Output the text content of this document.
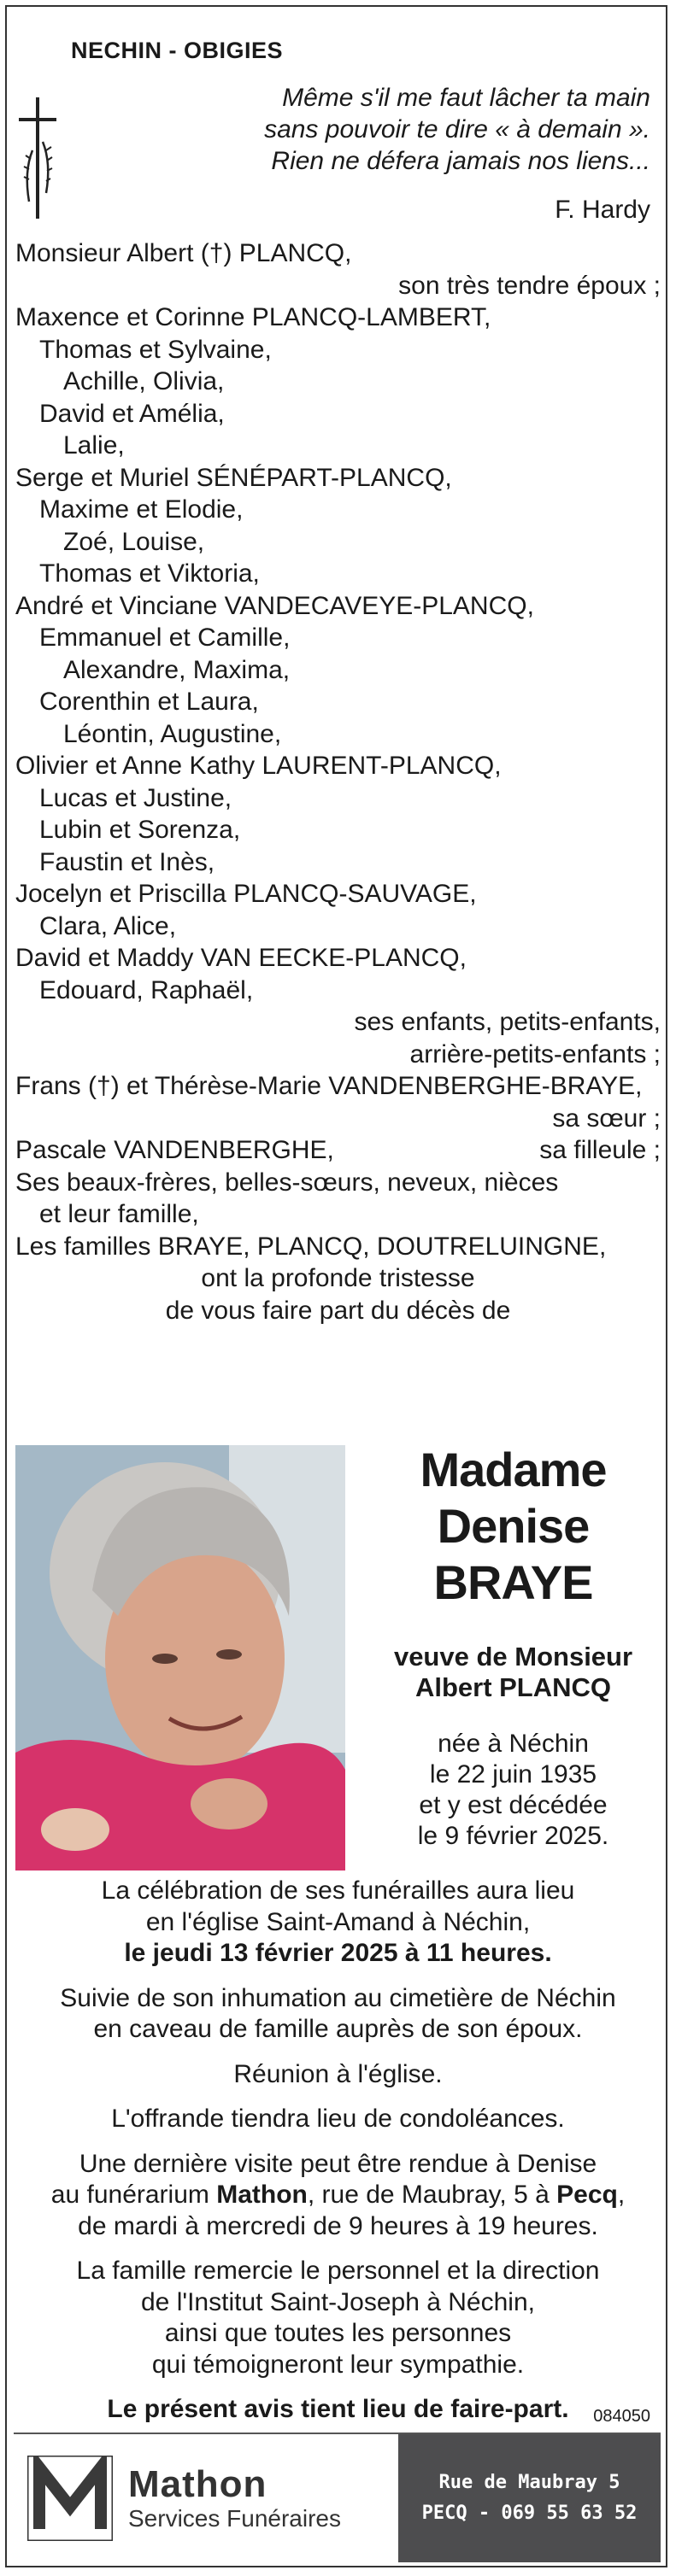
NECHIN - OBIGIES
Même s'il me faut lâcher ta main
sans pouvoir te dire « à demain ».
Rien ne défera jamais nos liens...
F. Hardy
Monsieur Albert (†) PLANCQ,
son très tendre époux ;
Maxence et Corinne PLANCQ-LAMBERT,
Thomas et Sylvaine,
Achille, Olivia,
David et Amélia,
Lalie,
Serge et Muriel SÉNÉPART-PLANCQ,
Maxime et Elodie,
Zoé, Louise,
Thomas et Viktoria,
André et Vinciane VANDECAVEYE-PLANCQ,
Emmanuel et Camille,
Alexandre, Maxima,
Corenthin et Laura,
Léontin, Augustine,
Olivier et Anne Kathy LAURENT-PLANCQ,
Lucas et Justine,
Lubin et Sorenza,
Faustin et Inès,
Jocelyn et Priscilla PLANCQ-SAUVAGE,
Clara, Alice,
David et Maddy VAN EECKE-PLANCQ,
Edouard, Raphaël,
ses enfants, petits-enfants,
arrière-petits-enfants ;
Frans (†) et Thérèse-Marie VANDENBERGHE-BRAYE,
sa sœur ;
Pascale VANDENBERGHE,	sa filleule ;
Ses beaux-frères, belles-sœurs, neveux, nièces
et leur famille,
Les familles BRAYE, PLANCQ, DOUTRELUINGNE,
ont la profonde tristesse
de vous faire part du décès de
Madame
Denise
BRAYE
veuve de Monsieur
Albert PLANCQ
née à Néchin
le 22 juin 1935
et y est décédée
le 9 février 2025.
La célébration de ses funérailles aura lieu
en l'église Saint-Amand à Néchin,
le jeudi 13 février 2025 à 11 heures.
Suivie de son inhumation au cimetière de Néchin
en caveau de famille auprès de son époux.
Réunion à l'église.
L'offrande tiendra lieu de condoléances.
Une dernière visite peut être rendue à Denise
au funérarium Mathon, rue de Maubray, 5 à Pecq,
de mardi à mercredi de 9 heures à 19 heures.
La famille remercie le personnel et la direction
de l'Institut Saint-Joseph à Néchin,
ainsi que toutes les personnes
qui témoigneront leur sympathie.
Le présent avis tient lieu de faire-part.	084050
Mathon
Services Funéraires
Rue de Maubray 5
PECQ - 069 55 63 52
